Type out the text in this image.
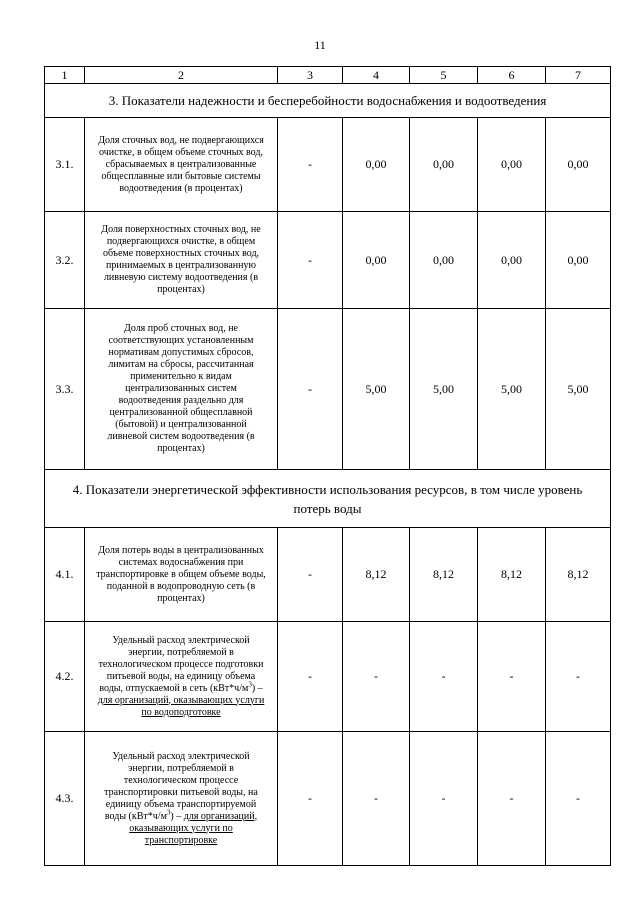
11
1	2	3	4	5	6	7
3. Показатели надежности и бесперебойности водоснабжения и водоотведения						
3.1.	Доля сточных вод, не подвергающихся очистке, в общем объеме сточных вод, сбрасываемых в централизованные общесплавные или бытовые системы водоотведения (в процентах)	-	0,00	0,00	0,00	0,00
3.2.	Доля поверхностных сточных вод, не подвергающихся очистке, в общем объеме поверхностных сточных вод, принимаемых в централизованную ливневую систему водоотведения (в процентах)	-	0,00	0,00	0,00	0,00
3.3.	Доля проб сточных вод, не соответствующих установленным нормативам допустимых сбросов, лимитам на сбросы, рассчитанная применительно к видам централизованных систем водоотведения раздельно для централизованной общесплавной (бытовой) и централизованной ливневой систем водоотведения (в процентах)	-	5,00	5,00	5,00	5,00
4. Показатели энергетической эффективности использования ресурсов, в том числе уровень потерь воды						
4.1.	Доля потерь воды в централизованных системах водоснабжения при транспортировке в общем объеме воды, поданной в водопроводную сеть (в процентах)	-	8,12	8,12	8,12	8,12
4.2.	Удельный расход электрической энергии, потребляемой в технологическом процессе подготовки питьевой воды, на единицу объема воды, отпускаемой в сеть $(кВт*ч/м^3)$ – для организаций, оказывающих услуги по водоподготовке	-	-	-	-	-
4.3.	Удельный расход электрической энергии, потребляемой в технологическом процессе транспортировки питьевой воды, на единицу объема транспортируемой воды $(кВт*ч/м^3)$ – для организаций, оказывающих услуги по транспортировке	-	-	-	-	-
